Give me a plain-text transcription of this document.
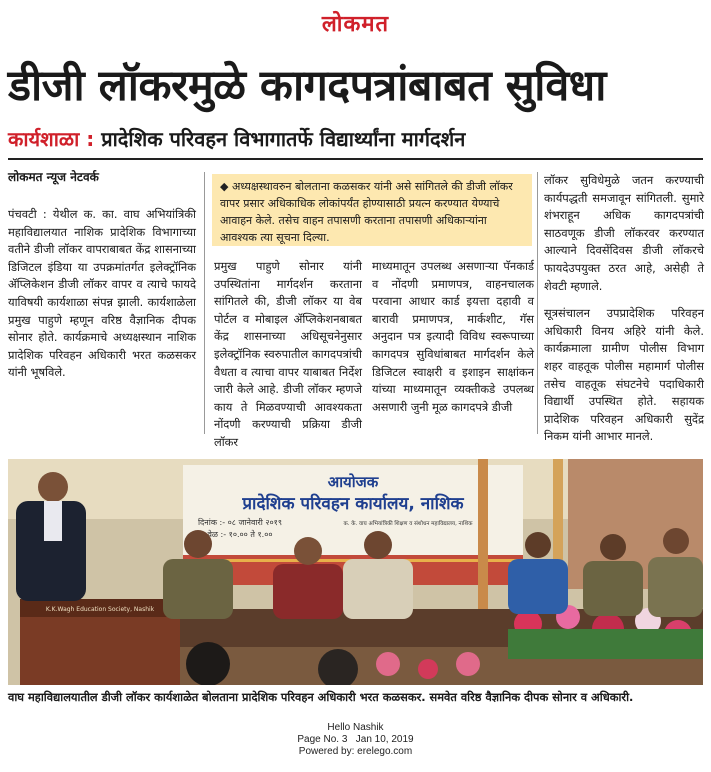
लोकमत
डीजी लॉकरमुळे कागदपत्रांबाबत सुविधा
कार्यशाळा : प्रादेशिक परिवहन विभागातर्फे विद्यार्थ्यांना मार्गदर्शन
लोकमत न्यूज नेटवर्क
◆ अध्यक्षस्थावरुन बोलताना कळसकर यांनी असे सांगितले की डीजी लॉकर वापर प्रसार अधिकाधिक लोकांपर्यंत होण्यासाठी प्रयत्न करण्यात येण्याचे आवाहन केले. तसेच वाहन तपासणी करताना तपासणी अधिकाऱ्यांना आवश्यक त्या सूचना दिल्या.

पंचवटी : येथील क. का. वाघ अभियांत्रिकी महाविद्यालयात नाशिक प्रादेशिक विभागाच्या वतीने डीजी लॉकर वापराबाबत केंद्र शासनाच्या डिजिटल इंडिया या उपक्रमांतर्गत इलेक्ट्रॉनिक ॲप्लिकेशन डीजी लॉकर वापर व त्याचे फायदे याविषयी कार्यशाळा संपन्न झाली. कार्यशाळेला प्रमुख पाहुणे म्हणून वरिष्ठ वैज्ञानिक दीपक सोनार होते. कार्यक्रमाचे अध्यक्षस्थान नाशिक प्रादेशिक परिवहन अधिकारी भरत कळसकर यांनी भूषविले.

प्रमुख पाहुणे सोनार यांनी उपस्थितांना मार्गदर्शन करताना सांगितले की, डीजी लॉकर या वेब पोर्टल व मोबाइल ॲप्लिकेशनबाबत केंद्र शासनाच्या अधिसूचनेनुसार इलेक्ट्रॉनिक स्वरुपातील कागदपत्रांची वैधता व त्याचा वापर याबाबत निर्देश जारी केले आहे. डीजी लॉकर म्हणजे काय ते मिळवण्याची आवश्यकता नोंदणी करण्याची प्रक्रिया डीजी लॉकर

माध्यमातून उपलब्ध असणाऱ्या पॅनकार्ड व नोंदणी प्रमाणपत्र, वाहनचालक परवाना आधार कार्ड इयत्ता दहावी व बारावी प्रमाणपत्र, मार्कशीट, गॅस अनुदान पत्र इत्यादी विविध स्वरूपाच्या कागदपत्र सुविधांबाबत मार्गदर्शन केले डिजिटल स्वाक्षरी व इशाइन साक्षांकन यांच्या माध्यमातून व्यक्तीकडे उपलब्ध असणारी जुनी मूळ कागदपत्रे डीजी

लॉकर सुविधेमुळे जतन करण्याची कार्यपद्धती समजावून सांगितली. सुमारे शंभराहून अधिक कागदपत्रांची साठवणूक डीजी लॉकरवर करण्यात आल्याने दिवसेंदिवस डीजी लॉकरचे फायदेउपयुक्त ठरत आहे, असेही ते शेवटी म्हणाले.

सूत्रसंचालन उपप्रादेशिक परिवहन अधिकारी विनय अहिरे यांनी केले. कार्यक्रमाला ग्रामीण पोलीस विभाग शहर वाहतूक पोलीस महामार्ग पोलीस तसेच वाहतूक संघटनेचे पदाधिकारी विद्यार्थी उपस्थित होते. सहायक प्रादेशिक परिवहन अधिकारी सुदेंद्र निकम यांनी आभार मानले.

आयोजक
प्रादेशिक परिवहन कार्यालय, नाशिक
दिनांक :- ०८ जानेवारी २०१९
वेळ :- १०.०० ते १.००
क. के. वाघ अभियांत्रिकी शिक्षण व संशोधन महाविद्यालय, नाशिक
K.K.Wagh Education Society, Nashik
वाघ महाविद्यालयातील डीजी लॉकर कार्यशाळेत बोलताना प्रादेशिक परिवहन अधिकारी भरत कळसकर. समवेत वरिष्ठ वैज्ञानिक दीपक सोनार व अधिकारी.
Hello Nashik
Page No. 3   Jan 10, 2019
Powered by: erelego.com
